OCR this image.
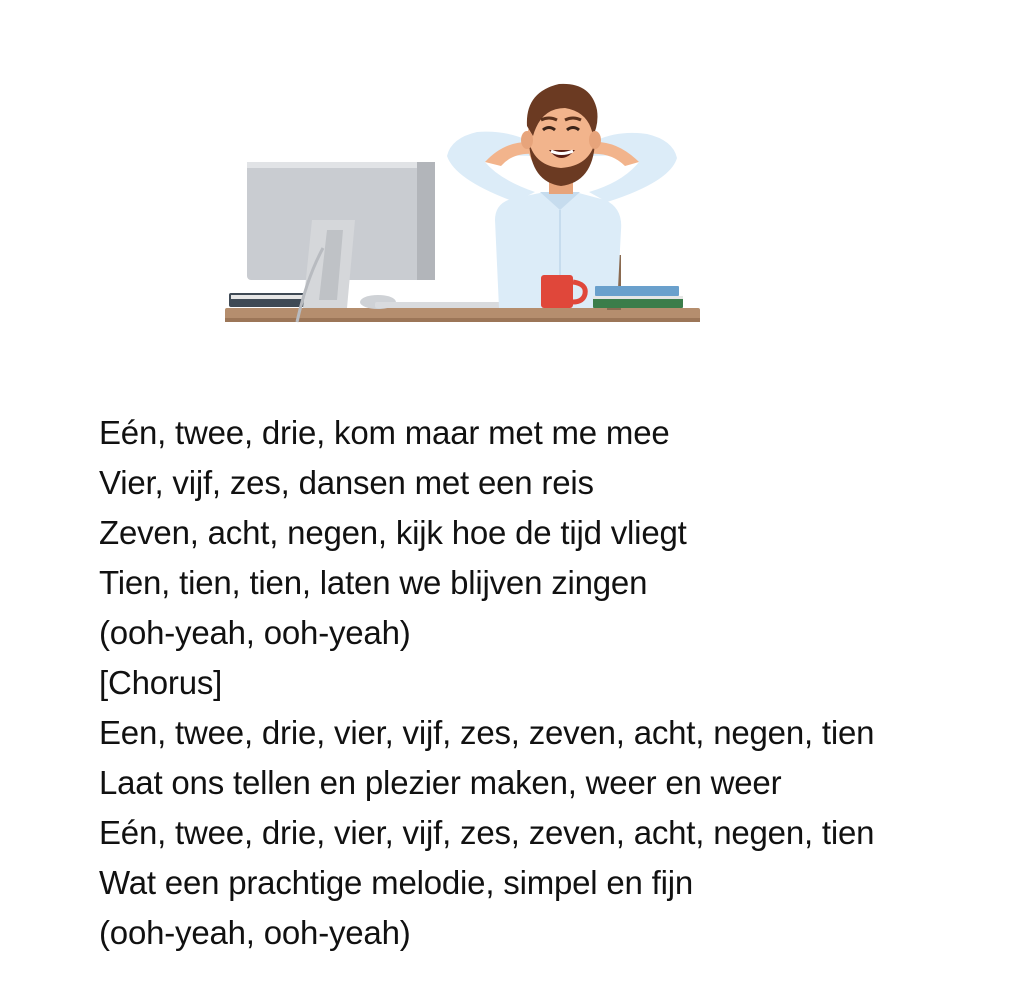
Eén, twee, drie, kom maar met me mee
Vier, vijf, zes, dansen met een reis
Zeven, acht, negen, kijk hoe de tijd vliegt
Tien, tien, tien, laten we blijven zingen
(ooh-yeah, ooh-yeah)
[Chorus]
Een, twee, drie, vier, vijf, zes, zeven, acht, negen, tien
Laat ons tellen en plezier maken, weer en weer
Eén, twee, drie, vier, vijf, zes, zeven, acht, negen, tien
Wat een prachtige melodie, simpel en fijn
(ooh-yeah, ooh-yeah)
